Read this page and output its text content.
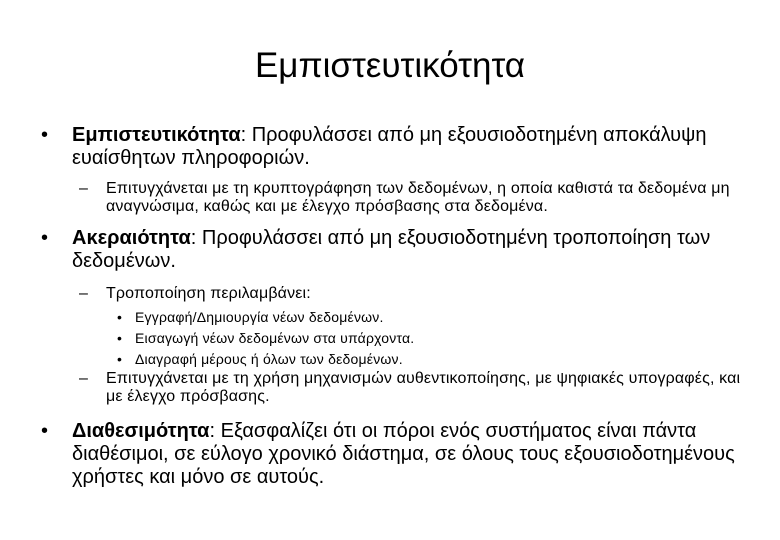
Εμπιστευτικότητα
• Εμπιστευτικότητα: Προφυλάσσει από μη εξουσιοδοτημένη αποκάλυψη ευαίσθητων πληροφοριών.
– Επιτυγχάνεται με τη κρυπτογράφηση των δεδομένων, η οποία καθιστά τα δεδομένα μη αναγνώσιμα, καθώς και με έλεγχο πρόσβασης στα δεδομένα.
• Ακεραιότητα: Προφυλάσσει από μη εξουσιοδοτημένη τροποποίηση των δεδομένων.
– Τροποποίηση περιλαμβάνει:
• Εγγραφή/Δημιουργία νέων δεδομένων.
• Εισαγωγή νέων δεδομένων στα υπάρχοντα.
• Διαγραφή μέρους ή όλων των δεδομένων.
– Επιτυγχάνεται με τη χρήση μηχανισμών αυθεντικοποίησης, με ψηφιακές υπογραφές, και με έλεγχο πρόσβασης.
• Διαθεσιμότητα: Εξασφαλίζει ότι οι πόροι ενός συστήματος είναι πάντα διαθέσιμοι, σε εύλογο χρονικό διάστημα, σε όλους τους εξουσιοδοτημένους χρήστες και μόνο σε αυτούς.
